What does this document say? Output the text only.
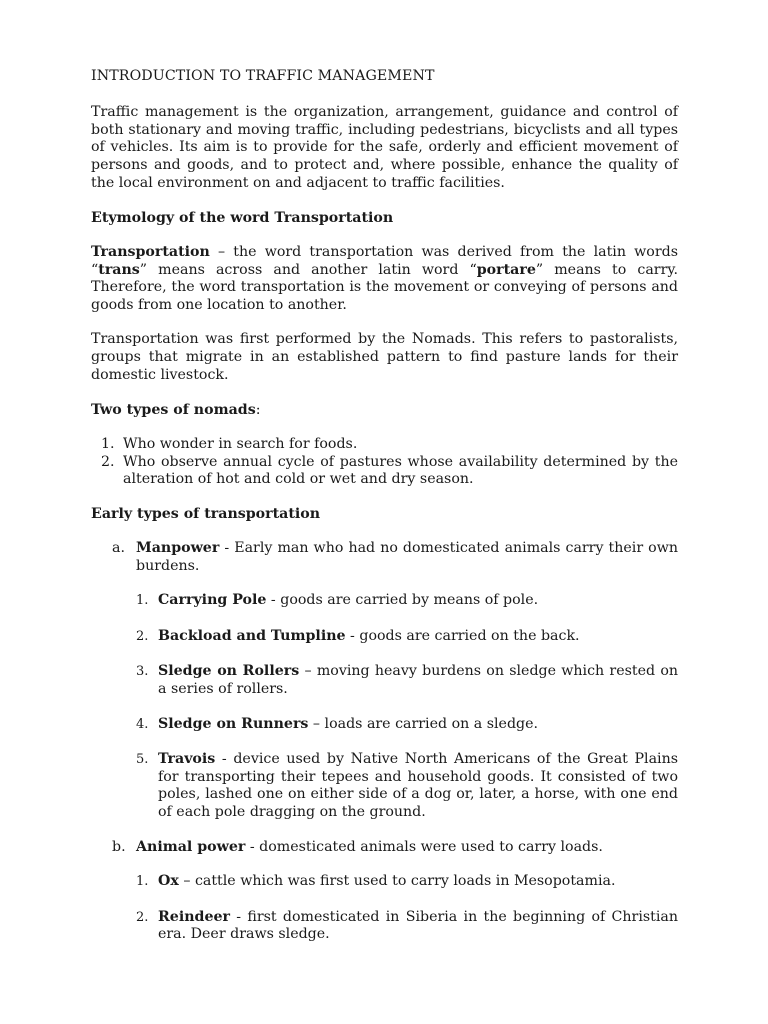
INTRODUCTION TO TRAFFIC MANAGEMENT

Traffic management is the organization, arrangement, guidance and control of both stationary and moving traffic, including pedestrians, bicyclists and all types of vehicles. Its aim is to provide for the safe, orderly and efficient movement of persons and goods, and to protect and, where possible, enhance the quality of the local environment on and adjacent to traffic facilities.

Etymology of the word Transportation

Transportation – the word transportation was derived from the latin words “trans” means across and another latin word “portare” means to carry. Therefore, the word transportation is the movement or conveying of persons and goods from one location to another.

Transportation was first performed by the Nomads. This refers to pastoralists, groups that migrate in an established pattern to find pasture lands for their domestic livestock.

Two types of nomads:
1. Who wonder in search for foods.
2. Who observe annual cycle of pastures whose availability determined by the alteration of hot and cold or wet and dry season.
Early types of transportation
a. Manpower - Early man who had no domesticated animals carry their own burdens.
1. Carrying Pole - goods are carried by means of pole.
2. Backload and Tumpline - goods are carried on the back.
3. Sledge on Rollers – moving heavy burdens on sledge which rested on a series of rollers.
4. Sledge on Runners – loads are carried on a sledge.
5. Travois - device used by Native North Americans of the Great Plains for transporting their tepees and household goods. It consisted of two poles, lashed one on either side of a dog or, later, a horse, with one end of each pole dragging on the ground.
b. Animal power - domesticated animals were used to carry loads.
1. Ox – cattle which was first used to carry loads in Mesopotamia.
2. Reindeer - first domesticated in Siberia in the beginning of Christian era. Deer draws sledge.
